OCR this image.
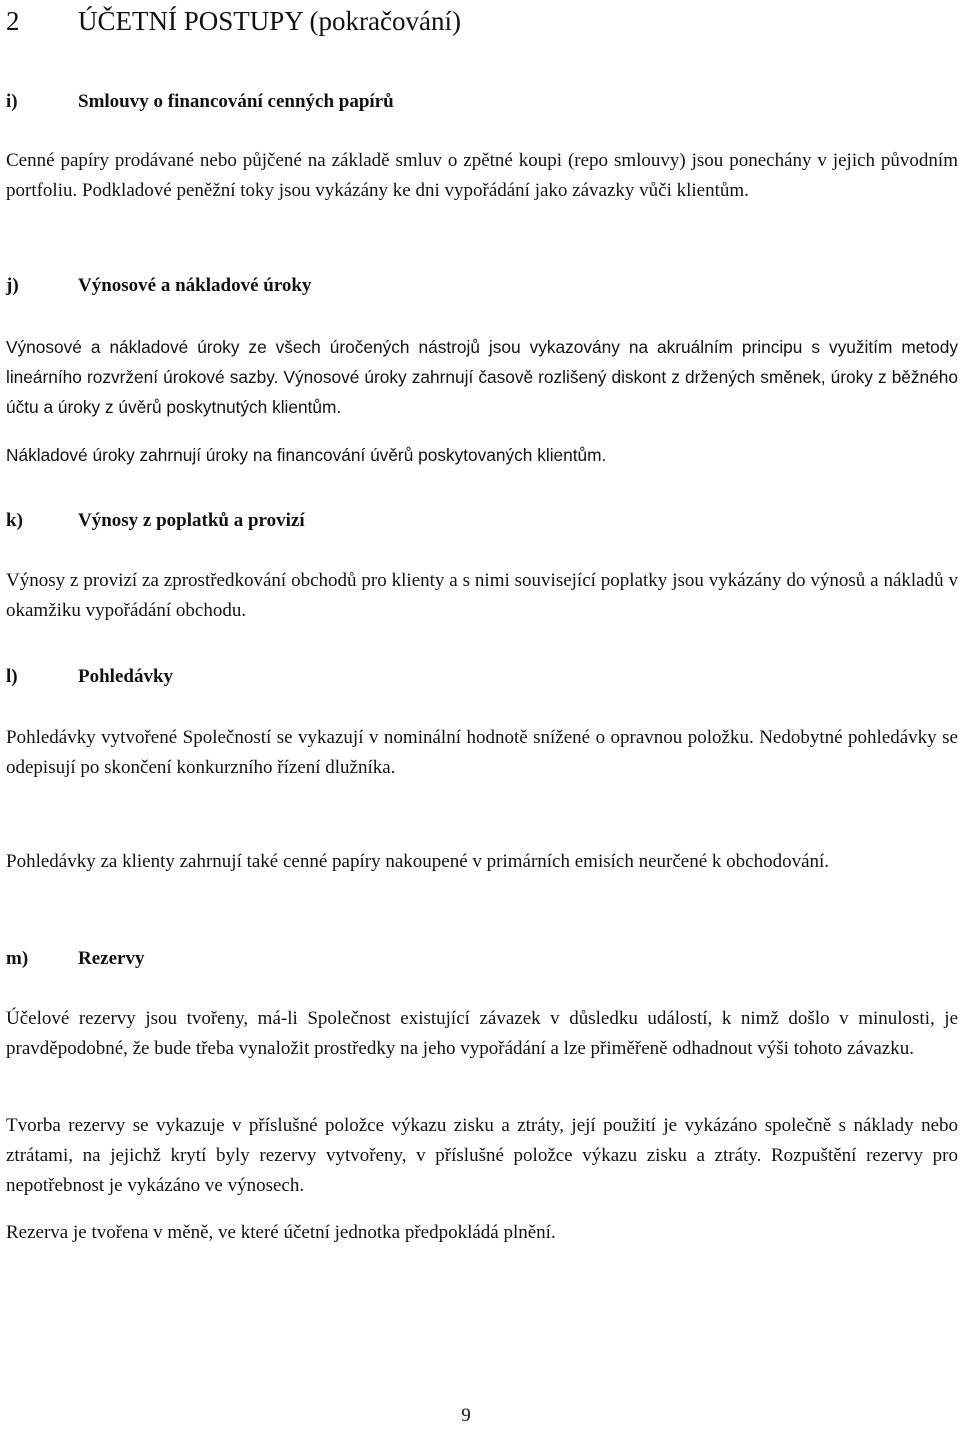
2 ÚČETNÍ POSTUPY (pokračování)
i)	Smlouvy o financování cenných papírů
Cenné papíry prodávané nebo půjčené na základě smluv o zpětné koupi (repo smlouvy) jsou ponechány v jejich původním portfoliu. Podkladové peněžní toky jsou vykázány ke dni vypořádání jako závazky vůči klientům.
j)	Výnosové a nákladové úroky
Výnosové a nákladové úroky ze všech úročených nástrojů jsou vykazovány na akruálním principu s využitím metody lineárního rozvržení úrokové sazby. Výnosové úroky zahrnují časově rozlišený diskont z držených směnek, úroky z běžného účtu a úroky z úvěrů poskytnutých klientům.
Nákladové úroky zahrnují úroky na financování úvěrů poskytovaných klientům.
k)	Výnosy z poplatků a provizí
Výnosy z provizí za zprostředkování obchodů pro klienty a s nimi související poplatky jsou vykázány do výnosů a nákladů v okamžiku vypořádání obchodu.
l)	Pohledávky
Pohledávky vytvořené Společností se vykazují v nominální hodnotě snížené o opravnou položku. Nedobytné pohledávky se odepisují po skončení konkurzního řízení dlužníka.
Pohledávky za klienty zahrnují také cenné papíry nakoupené v primárních emisích neurčené k obchodování.
m)	Rezervy
Účelové rezervy jsou tvořeny, má-li Společnost existující závazek v důsledku událostí, k nimž došlo v minulosti, je pravděpodobné, že bude třeba vynaložit prostředky na jeho vypořádání a lze přiměřeně odhadnout výši tohoto závazku.
Tvorba rezervy se vykazuje v příslušné položce výkazu zisku a ztráty, její použití je vykázáno společně s náklady nebo ztrátami, na jejichž krytí byly rezervy vytvořeny, v příslušné položce výkazu zisku a ztráty. Rozpuštění rezervy pro nepotřebnost je vykázáno ve výnosech.
Rezerva je tvořena v měně, ve které účetní jednotka předpokládá plnění.
9
